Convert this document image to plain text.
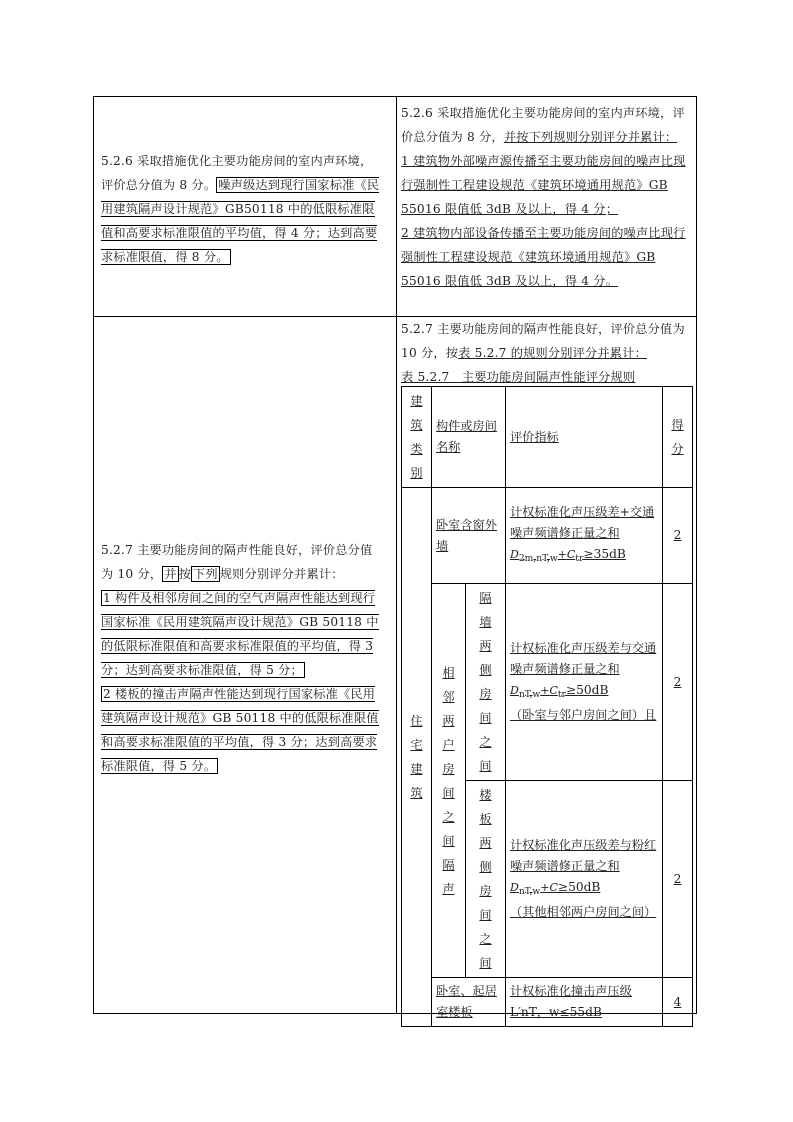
5.2.6 采取措施优化主要功能房间的室内声环境，评价总分值为 8 分。 噪声级达到现行国家标准《民用建筑隔声设计规范》GB50118 中的低限标准限值和高要求标准限值的平均值，得 4 分；达到高要求标准限值，得 8 分。
5.2.6 采取措施优化主要功能房间的室内声环境，评价总分值为 8 分，并按下列规则分别评分并累计：

1 建筑物外部噪声源传播至主要功能房间的噪声比现行强制性工程建设规范《建筑环境通用规范》GB 55016 限值低 3dB 及以上，得 4 分；

2 建筑物内部设备传播至主要功能房间的噪声比现行强制性工程建设规范《建筑环境通用规范》GB 55016 限值低 3dB 及以上，得 4 分。

5.2.7 主要功能房间的隔声性能良好，评价总分值为 10 分， 并 按 下列 规则分别评分并累计：

1 构件及相邻房间之间的空气声隔声性能达到现行国家标准《民用建筑隔声设计规范》GB 50118 中的低限标准限值和高要求标准限值的平均值，得 3 分；达到高要求标准限值，得 5 分；

2 楼板的撞击声隔声性能达到现行国家标准《民用建筑隔声设计规范》GB 50118 中的低限标准限值和高要求标准限值的平均值，得 3 分；达到高要求标准限值，得 5 分。

5.2.7 主要功能房间的隔声性能良好，评价总分值为 10 分，按表 5.2.7 的规则分别评分并累计：

表 5.2.7　主要功能房间隔声性能评分规则

建筑类别	构件或房间名称		评价指标	得分

住宅建筑	卧室含窗外墙		计权标准化声压级差+交通噪声频谱修正量之和
$D_{2m,nT,w}+C_{tr}\ge 35dB$	2

	相邻两户房间之间隔声	隔墙两侧房间之间	计权标准化声压级差与交通噪声频谱修正量之和$D_{nT,w}+C_{tr}\ge 50dB$
（卧室与邻户房间之间）且	2

		楼板两侧房间之间	计权标准化声压级差与粉红噪声频谱修正量之和$D_{nT,w}+C\ge 50dB$
（其他相邻两户房间之间）	2
	卧室、起居室楼板		计权标准化撞击声压级 L′nT，w≤55dB	4
